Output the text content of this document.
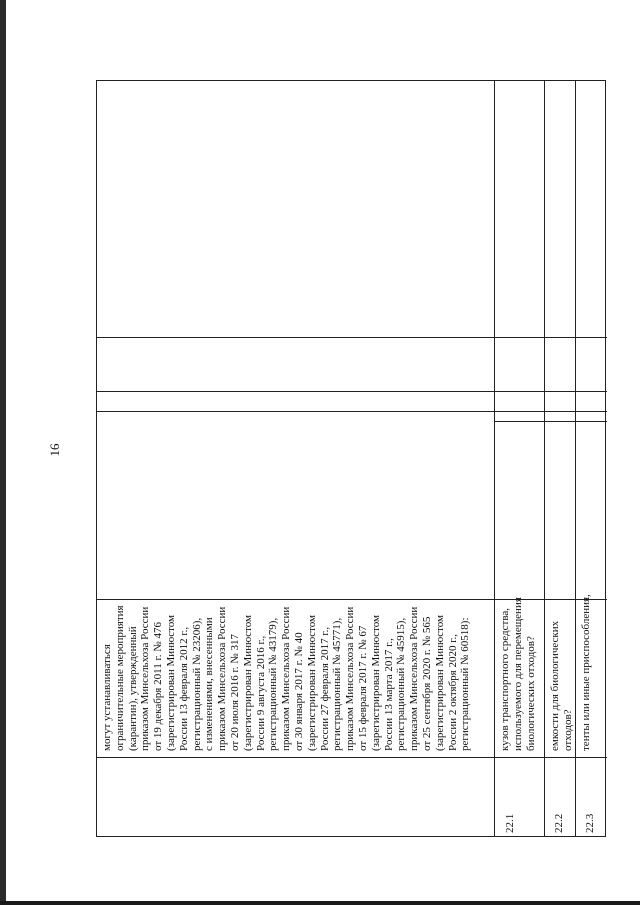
16
могут устанавливаться
ограничительные мероприятия
(карантин), утвержденный
приказом Минсельхоза России
от 19 декабря 2011 г. № 476
(зарегистрирован Минюстом
России 13 февраля 2012 г.,
регистрационный № 23206),
с изменениями, внесенными
приказом Минсельхоза России
от 20 июля 2016 г. № 317
(зарегистрирован Минюстом
России 9 августа 2016 г.,
регистрационный № 43179),
приказом Минсельхоза России
от 30 января 2017 г. № 40
(зарегистрирован Минюстом
России 27 февраля 2017 г.,
регистрационный № 45771),
приказом Минсельхоза России
от 15 февраля 2017 г. № 67
(зарегистрирован Минюстом
России 13 марта 2017 г.,
регистрационный № 45915),
приказом Минсельхоза России
от 25 сентября 2020 г. № 565
(зарегистрирован Минюстом
России 2 октября 2020 г.,
регистрационный № 60518):
22.1
кузов транспортного средства,
используемого для перемещения
биологических отходов?
22.2
емкости для биологических
отходов?
22.3
тенты или иные приспособления,
